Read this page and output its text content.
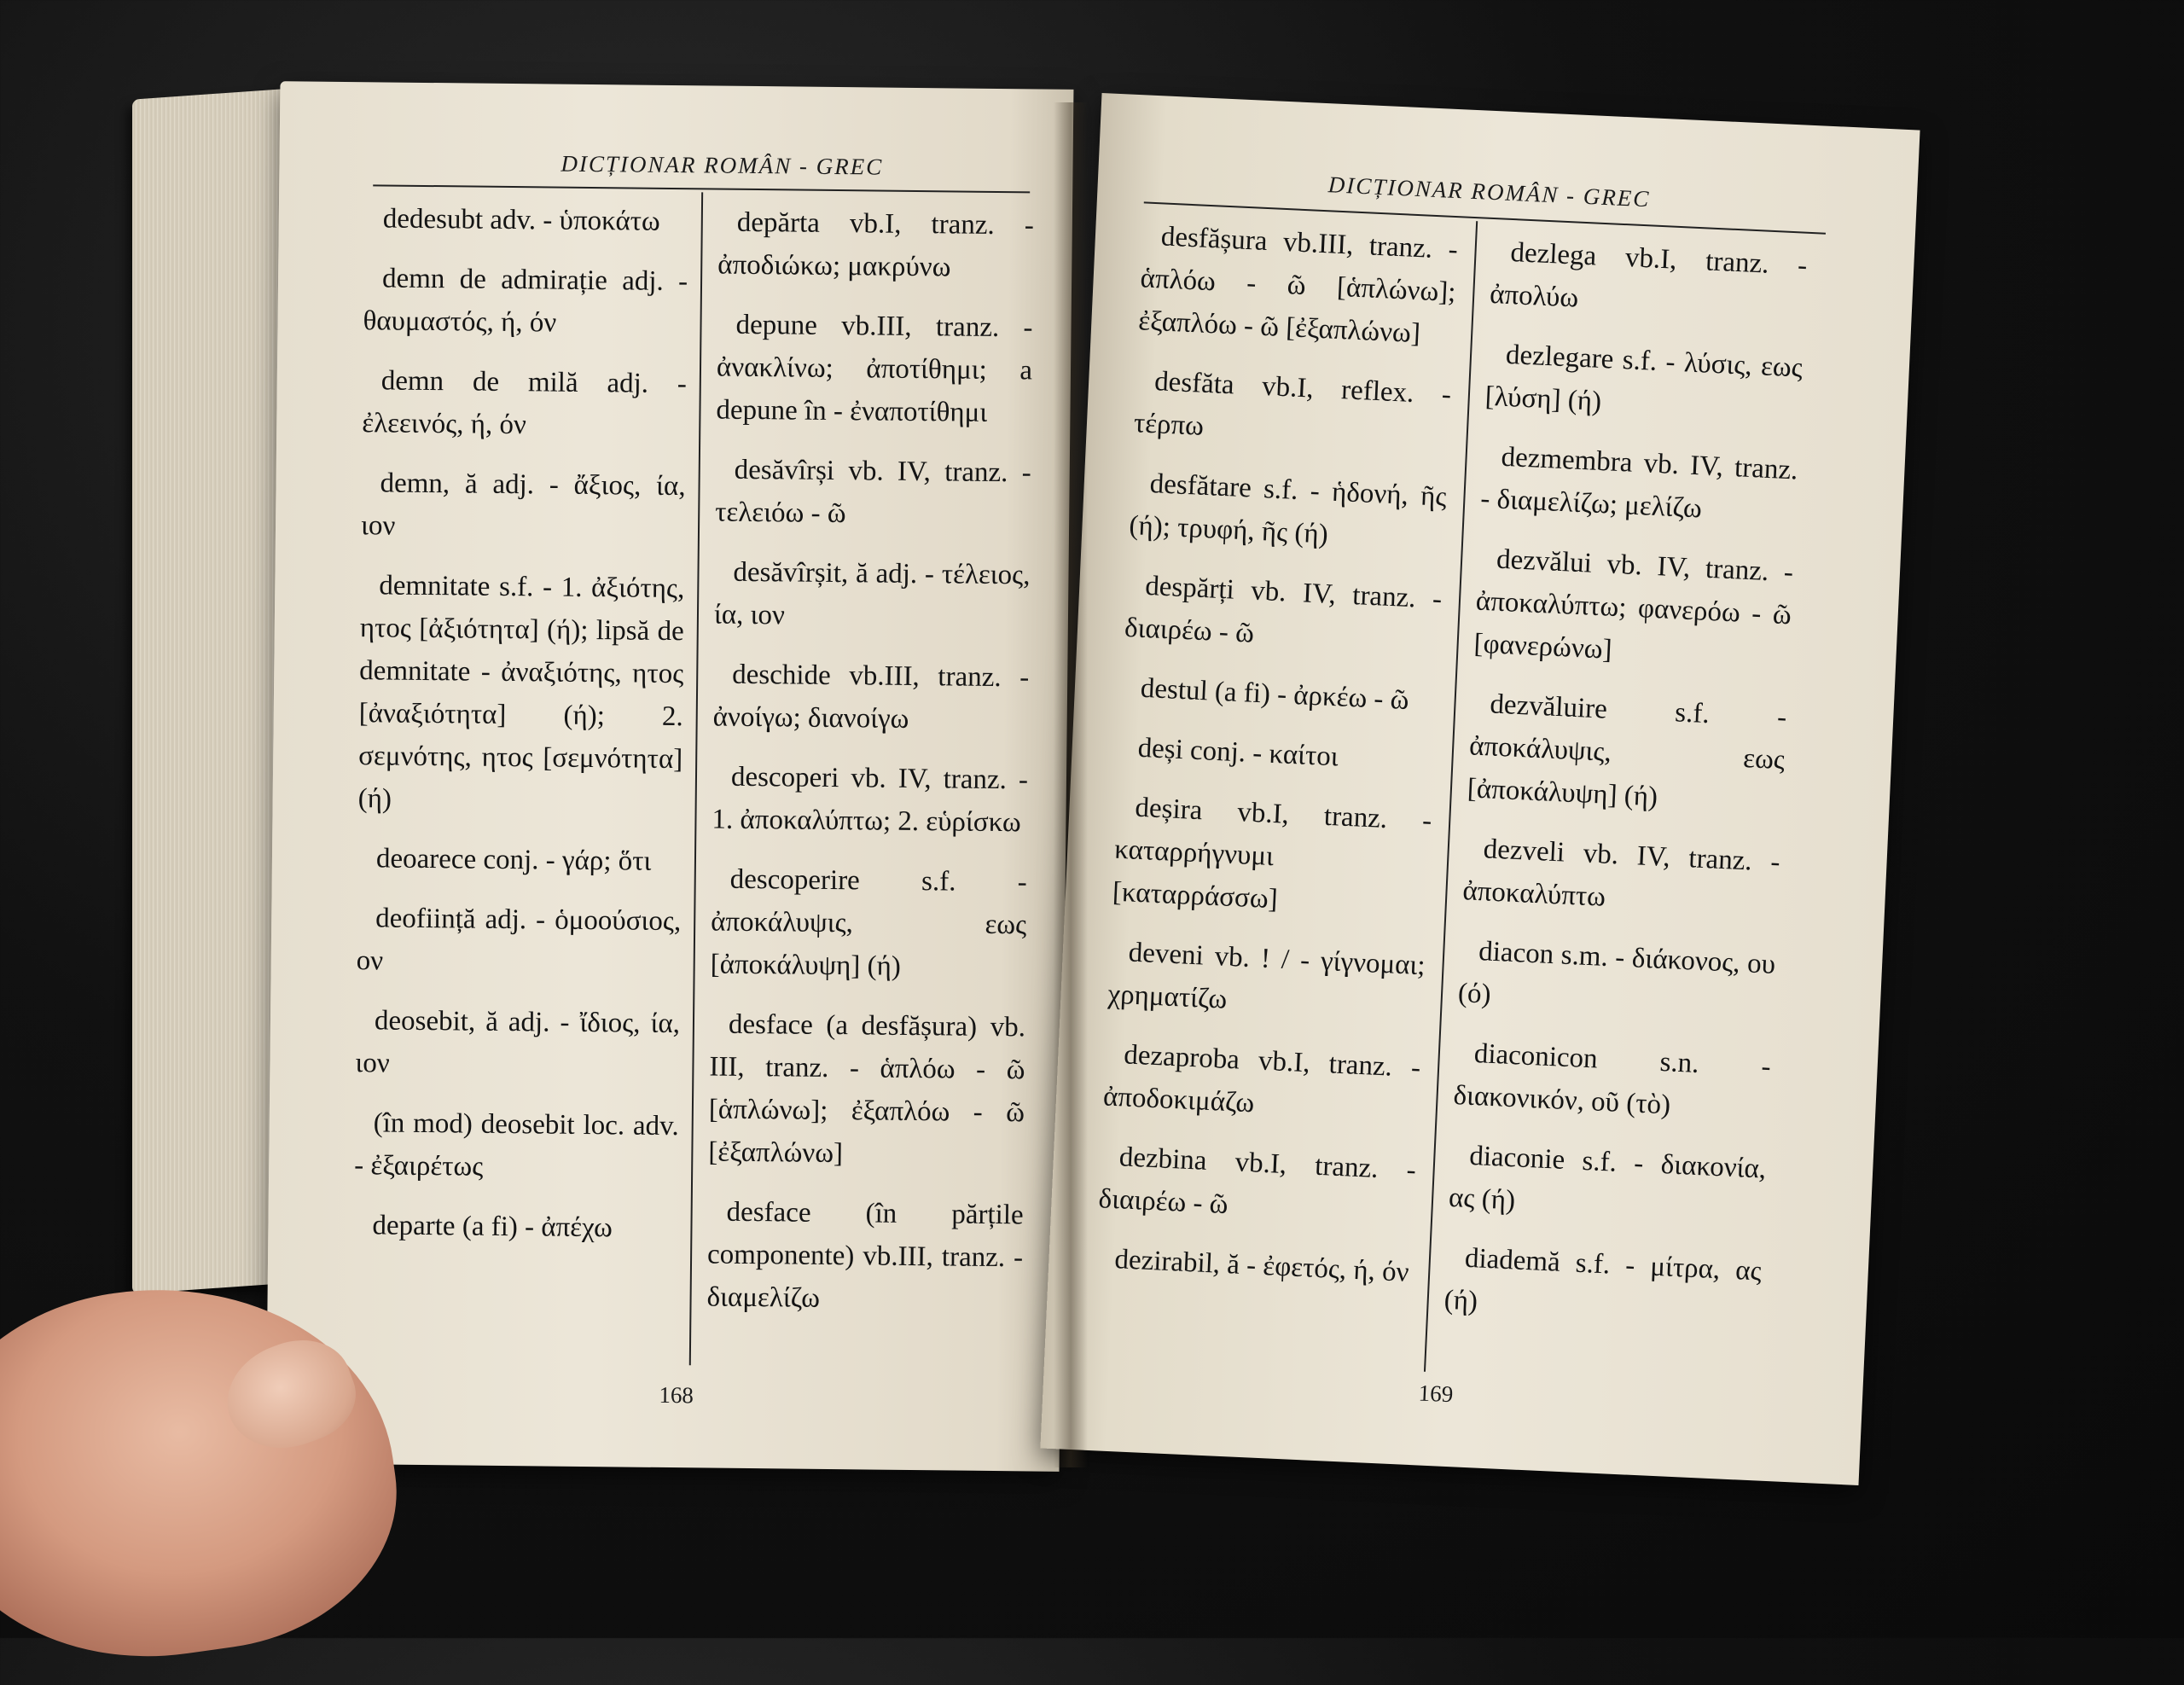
DICȚIONAR ROMÂN - GREC
dedesubt adv. - ὑποκάτω
demn de admirație adj. - θαυμαστός, ή, όν
demn de milă adj. - ἐλεεινός, ή, όν
demn, ă adj. - ἄξιος, ία, ιον
demnitate s.f. - 1. ἀξιότης, ητος [ἀξιότητα] (ή); lipsă de demnitate - ἀναξιότης, ητος [ἀναξιότητα] (ή); 2. σεμνότης, ητος [σεμνότητα] (ή)
deoarece conj. - γάρ; ὅτι
deoființă adj. - ὁμοούσιος, ον
deosebit, ă adj. - ἴδιος, ία, ιον
(în mod) deosebit loc. adv. - ἐξαιρέτως
departe (a fi) - ἀπέχω
depărta vb.I, tranz. - ἀποδιώκω; μακρύνω
depune vb.III, tranz. - ἀνακλίνω; ἀποτίθημι; a depune în - ἐναποτίθημι
desăvîrși vb. IV, tranz. - τελειόω - ῶ
desăvîrșit, ă adj. - τέλειος, ία, ιον
deschide vb.III, tranz. - ἀνοίγω; διανοίγω
descoperi vb. IV, tranz. - 1. ἀποκαλύπτω; 2. εὑρίσκω
descoperire s.f. - ἀποκάλυψις, εως [ἀποκάλυψη] (ή)
desface (a desfășura) vb. III, tranz. - ἁπλόω - ῶ [ἁπλώνω]; ἐξαπλόω - ῶ [ἐξαπλώνω]
desface (în părțile componente) vb.III, tranz. - διαμελίζω
168
DICȚIONAR ROMÂN - GREC
desfășura vb.III, tranz. - ἁπλόω - ῶ [ἁπλώνω]; ἐξαπλόω - ῶ [ἐξαπλώνω]
desfăta vb.I, reflex. - τέρπω
desfătare s.f. - ἡδονή, ῆς (ή); τρυφή, ῆς (ή)
despărți vb. IV, tranz. - διαιρέω - ῶ
destul (a fi) - ἀρκέω - ῶ
deși conj. - καίτοι
deșira vb.I, tranz. - καταρρήγνυμι [καταρράσσω]
deveni vb. ! / - γίγνομαι; χρηματίζω
dezaproba vb.I, tranz. - ἀποδοκιμάζω
dezbina vb.I, tranz. - διαιρέω - ῶ
dezirabil, ă - ἐφετός, ή, όν
dezlega vb.I, tranz. - ἀπολύω
dezlegare s.f. - λύσις, εως [λύση] (ή)
dezmembra vb. IV, tranz. - διαμελίζω; μελίζω
dezvălui vb. IV, tranz. - ἀποκαλύπτω; φανερόω - ῶ [φανερώνω]
dezvăluire s.f. - ἀποκάλυψις, εως [ἀποκάλυψη] (ή)
dezveli vb. IV, tranz. - ἀποκαλύπτω
diacon s.m. - διάκονος, ου (ό)
diaconicon s.n. - διακονικόν, οῦ (τὸ)
diaconie s.f. - διακονία, ας (ή)
diademă s.f. - μίτρα, ας (ή)
169
